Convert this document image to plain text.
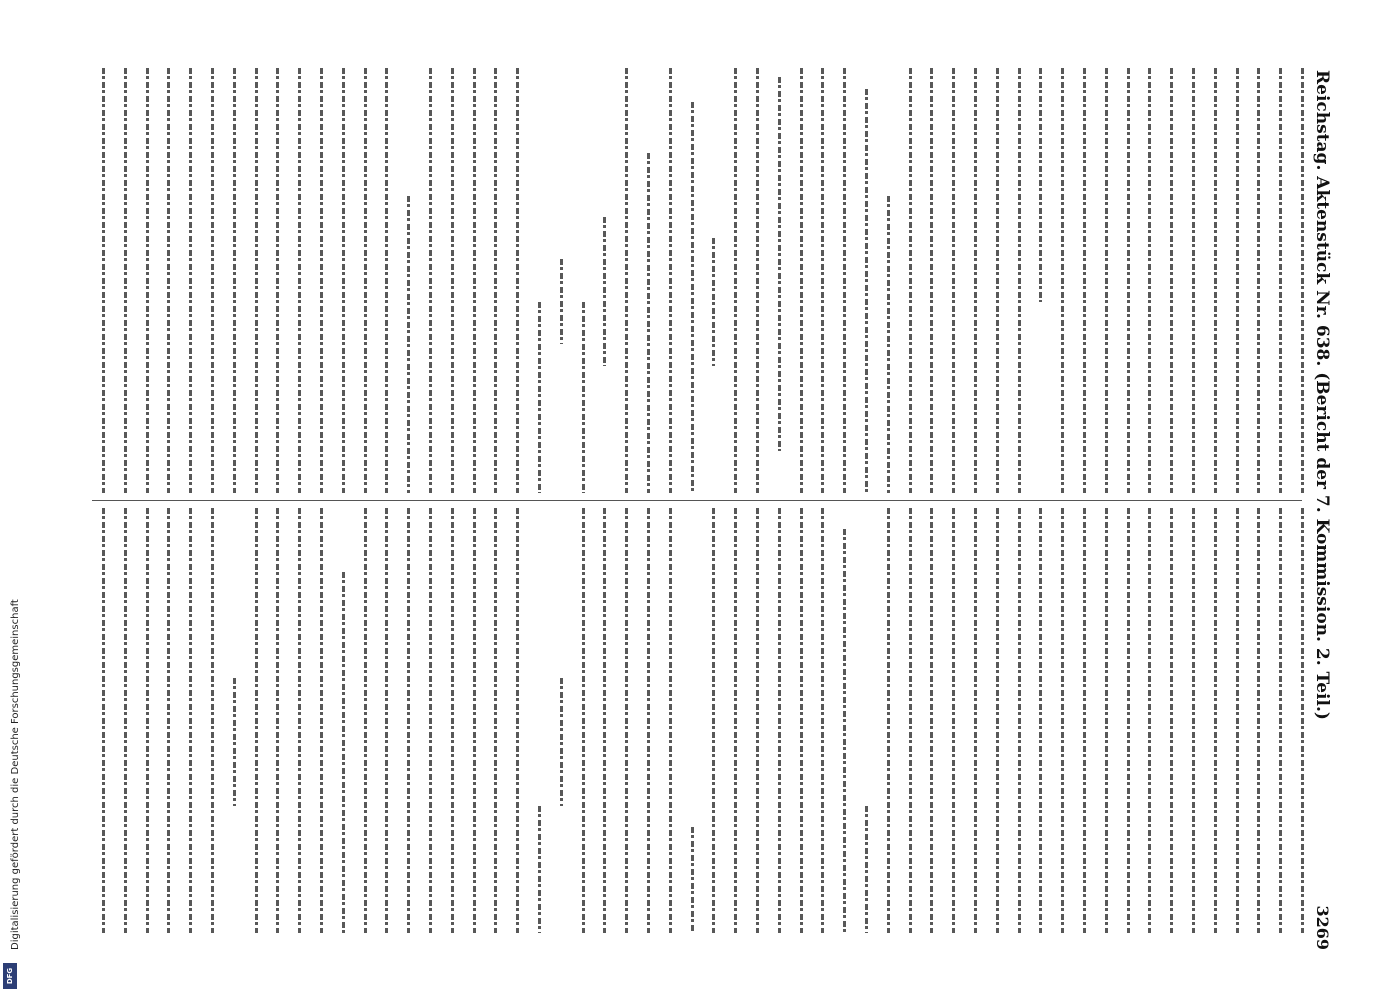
Digitalisierung gefördert durch die Deutsche Forschungsgemeinschaft
DFG
Reichstag. Aktenstück Nr. 638. (Bericht der 7. Kommission. 2. Teil.)
3269
